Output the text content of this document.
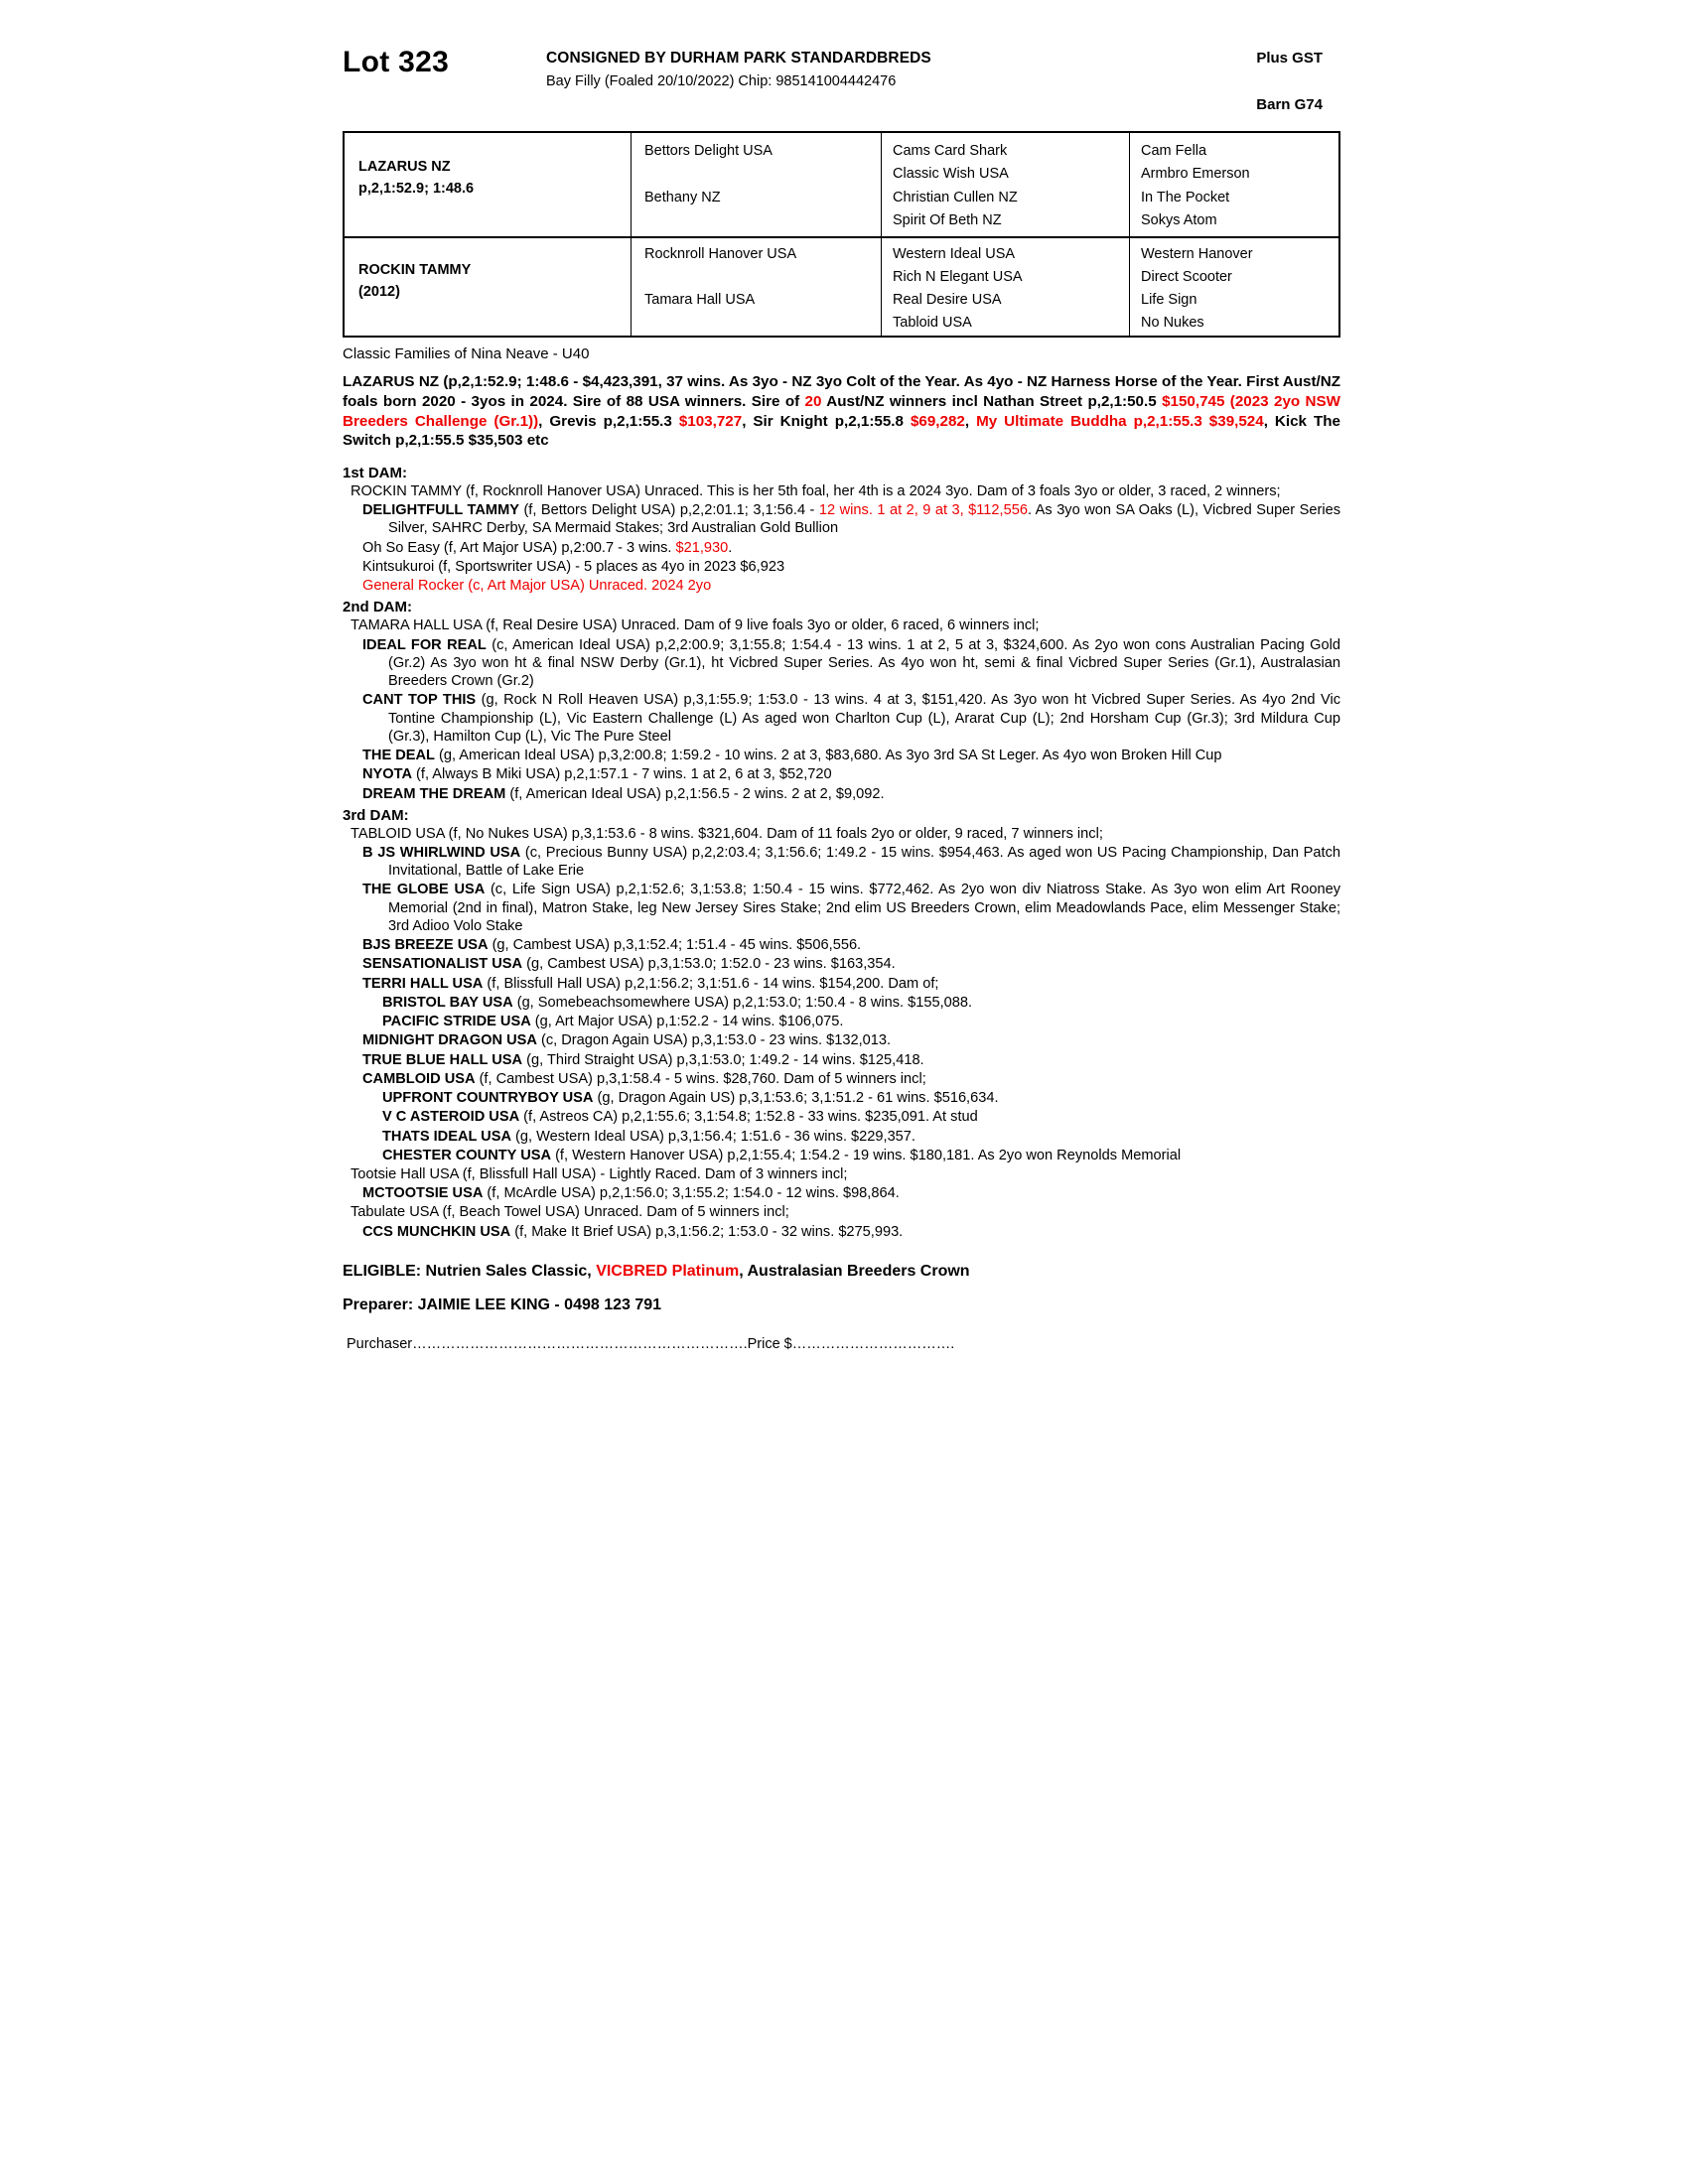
Lot 323	CONSIGNED BY DURHAM PARK STANDARDBREDS
Bay Filly (Foaled 20/10/2022) Chip: 985141004442476
Plus GST
Barn G74
LAZARUS NZ
p,2,1:52.9; 1:48.6
ROCKIN TAMMY
(2012)
Bettors Delight USA
Bethany NZ
Rocknroll Hanover USA
Tamara Hall USA
Cams Card Shark
Classic Wish USA
Christian Cullen NZ
Spirit Of Beth NZ
Western Ideal USA
Rich N Elegant USA
Real Desire USA
Tabloid USA
Cam Fella
Armbro Emerson
In The Pocket
Sokys Atom
Western Hanover
Direct Scooter
Life Sign
No Nukes
Classic Families of Nina Neave - U40
LAZARUS NZ (p,2,1:52.9; 1:48.6 - $4,423,391, 37 wins. As 3yo - NZ 3yo Colt of the Year. As 4yo - NZ Harness Horse of the Year. First Aust/NZ foals born 2020 - 3yos in 2024. Sire of 88 USA winners. Sire of 20 Aust/NZ winners incl Nathan Street p,2,1:50.5 $150,745 (2023 2yo NSW Breeders Challenge (Gr.1)), Grevis p,2,1:55.3 $103,727, Sir Knight p,2,1:55.8 $69,282, My Ultimate Buddha p,2,1:55.3 $39,524, Kick The Switch p,2,1:55.5 $35,503 etc
1st DAM:
ROCKIN TAMMY (f, Rocknroll Hanover USA) Unraced. This is her 5th foal, her 4th is a 2024 3yo. Dam of 3 foals 3yo or older, 3 raced, 2 winners;
DELIGHTFULL TAMMY (f, Bettors Delight USA) p,2,2:01.1; 3,1:56.4 - 12 wins. 1 at 2, 9 at 3, $112,556. As 3yo won SA Oaks (L), Vicbred Super Series Silver, SAHRC Derby, SA Mermaid Stakes; 3rd Australian Gold Bullion
Oh So Easy (f, Art Major USA) p,2:00.7 - 3 wins. $21,930.
Kintsukuroi (f, Sportswriter USA) - 5 places as 4yo in 2023 $6,923
General Rocker (c, Art Major USA) Unraced. 2024 2yo
2nd DAM:
TAMARA HALL USA (f, Real Desire USA) Unraced. Dam of 9 live foals 3yo or older, 6 raced, 6 winners incl;
IDEAL FOR REAL (c, American Ideal USA) p,2,2:00.9; 3,1:55.8; 1:54.4 - 13 wins. 1 at 2, 5 at 3, $324,600. As 2yo won cons Australian Pacing Gold (Gr.2) As 3yo won ht & final NSW Derby (Gr.1), ht Vicbred Super Series. As 4yo won ht, semi & final Vicbred Super Series (Gr.1), Australasian Breeders Crown (Gr.2)
CANT TOP THIS (g, Rock N Roll Heaven USA) p,3,1:55.9; 1:53.0 - 13 wins. 4 at 3, $151,420. As 3yo won ht Vicbred Super Series. As 4yo 2nd Vic Tontine Championship (L), Vic Eastern Challenge (L) As aged won Charlton Cup (L), Ararat Cup (L); 2nd Horsham Cup (Gr.3); 3rd Mildura Cup (Gr.3), Hamilton Cup (L), Vic The Pure Steel
THE DEAL (g, American Ideal USA) p,3,2:00.8; 1:59.2 - 10 wins. 2 at 3, $83,680. As 3yo 3rd SA St Leger. As 4yo won Broken Hill Cup
NYOTA (f, Always B Miki USA) p,2,1:57.1 - 7 wins. 1 at 2, 6 at 3, $52,720
DREAM THE DREAM (f, American Ideal USA) p,2,1:56.5 - 2 wins. 2 at 2, $9,092.
3rd DAM:
TABLOID USA (f, No Nukes USA) p,3,1:53.6 - 8 wins. $321,604. Dam of 11 foals 2yo or older, 9 raced, 7 winners incl;
B JS WHIRLWIND USA (c, Precious Bunny USA) p,2,2:03.4; 3,1:56.6; 1:49.2 - 15 wins. $954,463. As aged won US Pacing Championship, Dan Patch Invitational, Battle of Lake Erie
THE GLOBE USA (c, Life Sign USA) p,2,1:52.6; 3,1:53.8; 1:50.4 - 15 wins. $772,462. As 2yo won div Niatross Stake. As 3yo won elim Art Rooney Memorial (2nd in final), Matron Stake, leg New Jersey Sires Stake; 2nd elim US Breeders Crown, elim Meadowlands Pace, elim Messenger Stake; 3rd Adioo Volo Stake
BJS BREEZE USA (g, Cambest USA) p,3,1:52.4; 1:51.4 - 45 wins. $506,556.
SENSATIONALIST USA (g, Cambest USA) p,3,1:53.0; 1:52.0 - 23 wins. $163,354.
TERRI HALL USA (f, Blissfull Hall USA) p,2,1:56.2; 3,1:51.6 - 14 wins. $154,200. Dam of;
BRISTOL BAY USA (g, Somebeachsomewhere USA) p,2,1:53.0; 1:50.4 - 8 wins. $155,088.
PACIFIC STRIDE USA (g, Art Major USA) p,1:52.2 - 14 wins. $106,075.
MIDNIGHT DRAGON USA (c, Dragon Again USA) p,3,1:53.0 - 23 wins. $132,013.
TRUE BLUE HALL USA (g, Third Straight USA) p,3,1:53.0; 1:49.2 - 14 wins. $125,418.
CAMBLOID USA (f, Cambest USA) p,3,1:58.4 - 5 wins. $28,760. Dam of 5 winners incl;
UPFRONT COUNTRYBOY USA (g, Dragon Again US) p,3,1:53.6; 3,1:51.2 - 61 wins. $516,634.
V C ASTEROID USA (f, Astreos CA) p,2,1:55.6; 3,1:54.8; 1:52.8 - 33 wins. $235,091. At stud
THATS IDEAL USA (g, Western Ideal USA) p,3,1:56.4; 1:51.6 - 36 wins. $229,357.
CHESTER COUNTY USA (f, Western Hanover USA) p,2,1:55.4; 1:54.2 - 19 wins. $180,181. As 2yo won Reynolds Memorial
Tootsie Hall USA (f, Blissfull Hall USA) - Lightly Raced. Dam of 3 winners incl;
MCTOOTSIE USA (f, McArdle USA) p,2,1:56.0; 3,1:55.2; 1:54.0 - 12 wins. $98,864.
Tabulate USA (f, Beach Towel USA) Unraced. Dam of 5 winners incl;
CCS MUNCHKIN USA (f, Make It Brief USA) p,3,1:56.2; 1:53.0 - 32 wins. $275,993.
ELIGIBLE: Nutrien Sales Classic, VICBRED Platinum, Australasian Breeders Crown
Preparer: JAIMIE LEE KING - 0498 123 791
Purchaser…………………………………………………………….Price $…………………………….
